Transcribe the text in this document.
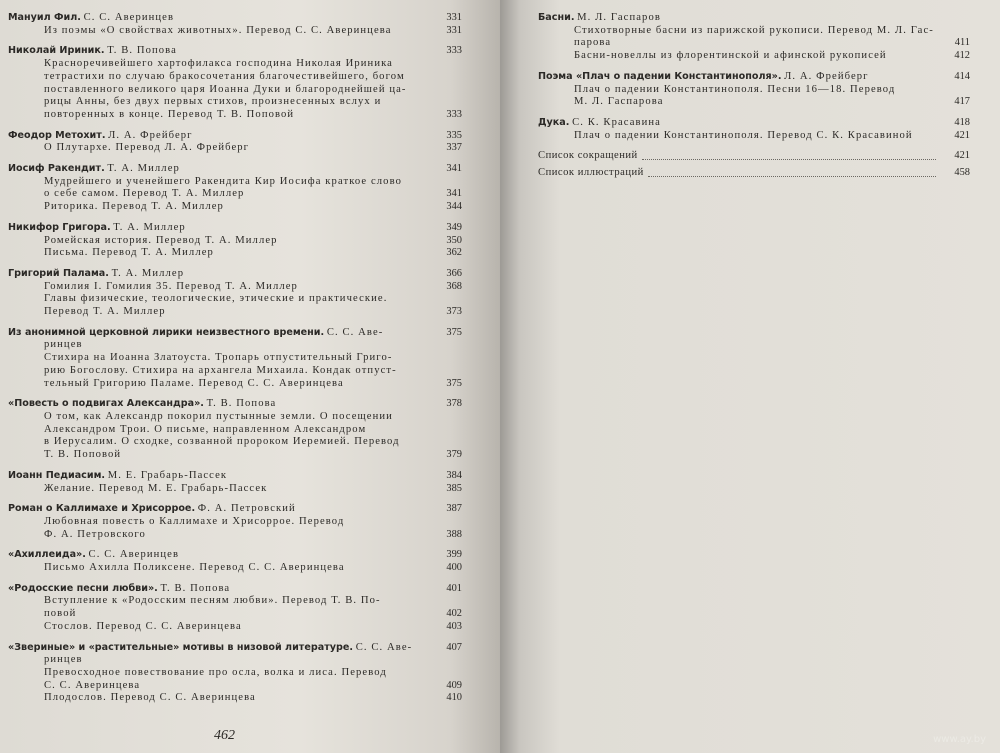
Мануил Фил. С. С. Аверинцев	331
Из поэмы «О свойствах животных». Перевод С. С. Аверинцева	331
Николай Ириник. Т. В. Попова	333
Красноречивейшего хартофилакса господина Николая Ириника
тетрастихи по случаю бракосочетания благочестивейшего, богом
поставленного великого царя Иоанна Дуки и благороднейшей ца-
рицы Анны, без двух первых стихов, произнесенных вслух и
повторенных в конце. Перевод Т. В. Поповой	333
Феодор Метохит. Л. А. Фрейберг	335
О Плутархе. Перевод Л. А. Фрейберг	337
Иосиф Ракендит. Т. А. Миллер	341
Мудрейшего и ученейшего Ракендита Кир Иосифа краткое слово
о себе самом. Перевод Т. А. Миллер	341
Риторика. Перевод Т. А. Миллер	344
Никифор Григора. Т. А. Миллер	349
Ромейская история. Перевод Т. А. Миллер	350
Письма. Перевод Т. А. Миллер	362
Григорий Палама. Т. А. Миллер	366
Гомилия I. Гомилия 35. Перевод Т. А. Миллер	368
Главы физические, теологические, этические и практические.
Перевод Т. А. Миллер	373
Из анонимной церковной лирики неизвестного времени. С. С. Аве-	375
ринцев
Стихира на Иоанна Златоуста. Тропарь отпустительный Григо-
рию Богослову. Стихира на архангела Михаила. Кондак отпуст-
тельный Григорию Паламе. Перевод С. С. Аверинцева	375
«Повесть о подвигах Александра». Т. В. Попова	378
О том, как Александр покорил пустынные земли. О посещении
Александром Трои. О письме, направленном Александром
в Иерусалим. О сходке, созванной пророком Иеремией. Перевод
Т. В. Поповой	379
Иоанн Педиасим. М. Е. Грабарь-Пассек	384
Желание. Перевод М. Е. Грабарь-Пассек	385
Роман о Каллимахе и Хрисорроe. Ф. А. Петровский	387
Любовная повесть о Каллимахе и Хрисорроe. Перевод
Ф. А. Петровского	388
«Ахиллеида». С. С. Аверинцев	399
Письмо Ахилла Поликсене. Перевод С. С. Аверинцева	400
«Родосские песни любви». Т. В. Попова	401
Вступление к «Родосским песням любви». Перевод Т. В. По-
повой	402
Стослов. Перевод С. С. Аверинцева	403
«Звериные» и «растительные» мотивы в низовой литературе. С. С. Аве-	407
ринцев
Превосходное повествование про осла, волка и лиса. Перевод
С. С. Аверинцева	409
Плодослов. Перевод С. С. Аверинцева	410
Басни. М. Л. Гаспаров
Стихотворные басни из парижской рукописи. Перевод М. Л. Гас-
парова	411
Басни-новеллы из флорентинской и афинской рукописей	412
Поэма «Плач о падении Константинополя». Л. А. Фрейберг	414
Плач о падении Константинополя. Песни 16—18. Перевод
М. Л. Гаспарова	417
Дука. С. К. Красавина	418
Плач о падении Константинополя. Перевод С. К. Красавиной	421
Список сокращений	421
Список иллюстраций	458
462	www.ay.by
